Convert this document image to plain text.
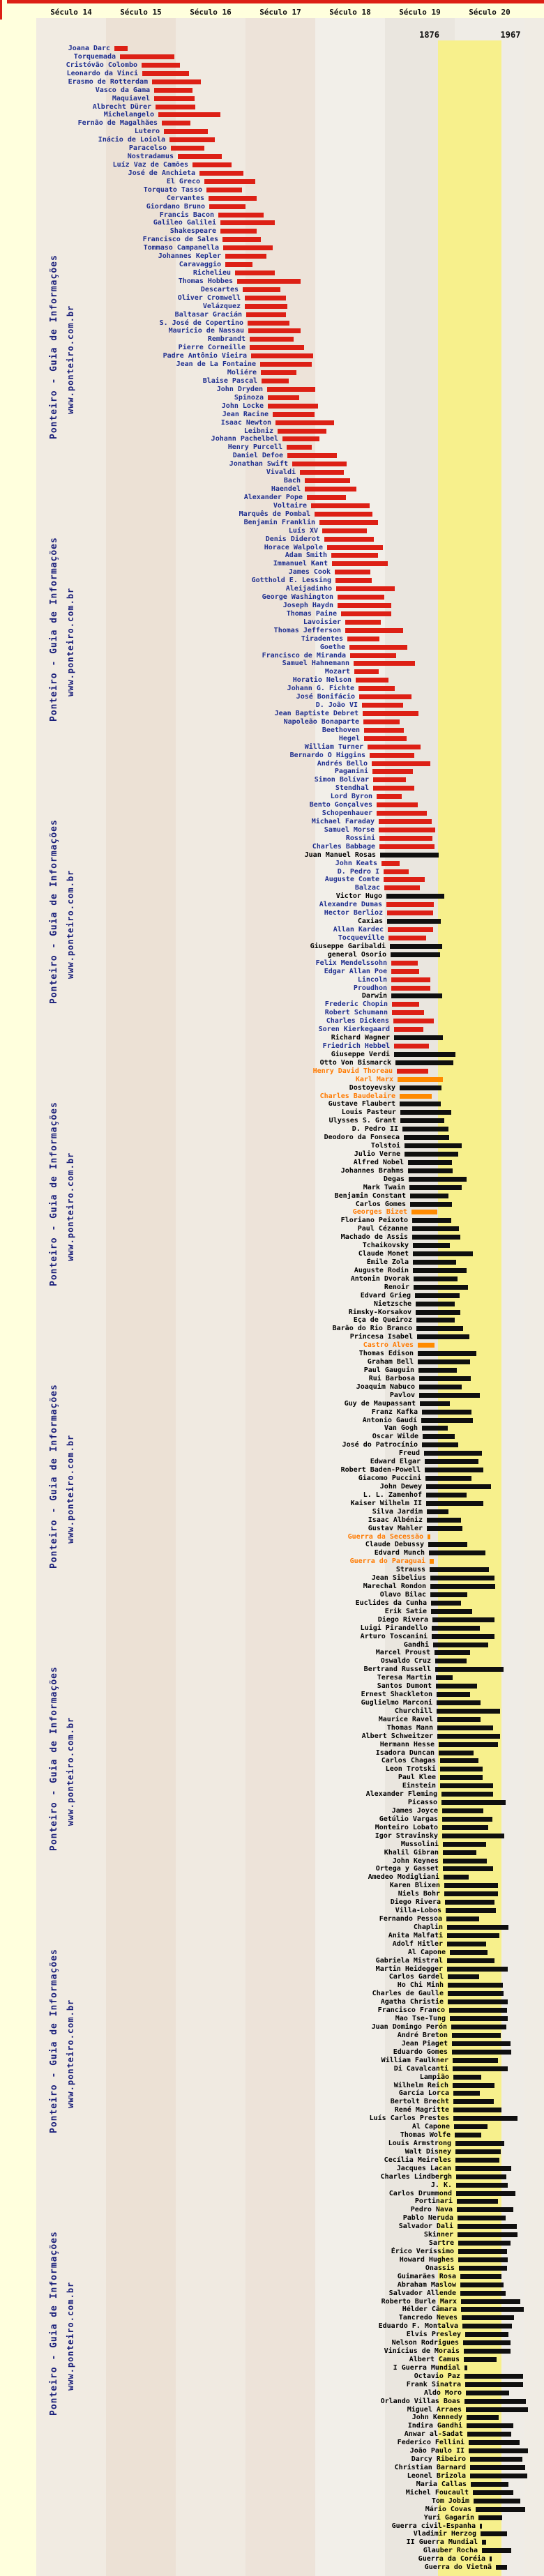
Século 14	Século 15	Século 16	Século 17	Século 18	Século 19	Século 20
1876	1967
Ponteiro - Guia de Informações www.ponteiro.com.br
Ponteiro - Guia de Informações www.ponteiro.com.br
Ponteiro - Guia de Informações www.ponteiro.com.br
Ponteiro - Guia de Informações www.ponteiro.com.br
Ponteiro - Guia de Informações www.ponteiro.com.br
Ponteiro - Guia de Informações www.ponteiro.com.br
Ponteiro - Guia de Informações www.ponteiro.com.br
Ponteiro - Guia de Informações www.ponteiro.com.br
Joana Darc
Torquemada
Cristóvão Colombo
Leonardo da Vinci
Erasmo de Rotterdam
Vasco da Gama
Maquiavel
Albrecht Dürer
Michelangelo
Fernão de Magalhães
Lutero
Inácio de Loiola
Paracelso
Nostradamus
Luíz Vaz de Camões
José de Anchieta
El Greco
Torquato Tasso
Cervantes
Giordano Bruno
Francis Bacon
Galileo Galilei
Shakespeare
Francisco de Sales
Tommaso Campanella
Johannes Kepler
Caravaggio
Richelieu
Thomas Hobbes
Descartes
Oliver Cromwell
Velázquez
Baltasar Gracián
S. José de Copertino
Mauricio de Nassau
Rembrandt
Pierre Corneille
Padre Antônio Vieira
Jean de La Fontaine
Moliére
Blaise Pascal
John Dryden
Spinoza
John Locke
Jean Racine
Isaac Newton
Leibniz
Johann Pachelbel
Henry Purcell
Daniel Defoe
Jonathan Swift
Vivaldi
Bach
Haendel
Alexander Pope
Voltaire
Marquês de Pombal
Benjamin Franklin
Luís XV
Denis Diderot
Horace Walpole
Adam Smith
Immanuel Kant
James Cook
Gotthold E. Lessing
Aleijadinho
George Washington
Joseph Haydn
Thomas Paine
Lavoisier
Thomas Jefferson
Tiradentes
Goethe
Francisco de Miranda
Samuel Hahnemann
Mozart
Horatio Nelson
Johann G. Fichte
José Bonifácio
D. João VI
Jean Baptiste Debret
Napoleão Bonaparte
Beethoven
Hegel
William Turner
Bernardo O Higgins
Andrés Bello
Paganini
Simon Bolívar
Stendhal
Lord Byron
Bento Gonçalves
Schopenhauer
Michael Faraday
Samuel Morse
Rossini
Charles Babbage
Juan Manuel Rosas
John Keats
D. Pedro I
Auguste Comte
Balzac
Victor Hugo
Alexandre Dumas
Hector Berlioz
Caxias
Allan Kardec
Tocqueville
Giuseppe Garibaldi
general Osorio
Felix Mendelssohn
Edgar Allan Poe
Lincoln
Proudhon
Darwin
Frederic Chopin
Robert Schumann
Charles Dickens
Soren Kierkegaard
Richard Wagner
Friedrich Hebbel
Giuseppe Verdi
Otto Von Bismarck
Henry David Thoreau
Karl Marx
Dostoyevsky
Charles Baudelaire
Gustave Flaubert
Louis Pasteur
Ulysses S. Grant
D. Pedro II
Deodoro da Fonseca
Tolstoi
Julio Verne
Alfred Nobel
Johannes Brahms
Degas
Mark Twain
Benjamin Constant
Carlos Gomes
Georges Bizet
Floriano Peixoto
Paul Cézanne
Machado de Assis
Tchaikovsky
Claude Monet
Émile Zola
Auguste Rodin
Antonin Dvorak
Renoir
Edvard Grieg
Nietzsche
Rimsky-Korsakov
Eça de Queiroz
Barão do Rio Branco
Princesa Isabel
Castro Alves
Thomas Edison
Graham Bell
Paul Gauguin
Rui Barbosa
Joaquim Nabuco
Pavlov
Guy de Maupassant
Franz Kafka
Antonio Gaudí
Van Gogh
Oscar Wilde
José do Patrocínio
Freud
Edward Elgar
Robert Baden-Powell
Giacomo Puccini
John Dewey
L. L. Zamenhof
Kaiser Wilhelm II
Silva Jardim
Isaac Albéniz
Gustav Mahler
Guerra da Secessão
Claude Debussy
Edvard Munch
Guerra do Paraguai
Strauss
Jean Sibelius
Marechal Rondon
Olavo Bilac
Euclides da Cunha
Erik Satie
Diego Rivera
Luigi Pirandello
Arturo Toscanini
Gandhi
Marcel Proust
Oswaldo Cruz
Bertrand Russell
Teresa Martin
Santos Dumont
Ernest Shackleton
Guglielmo Marconi
Churchill
Maurice Ravel
Thomas Mann
Albert Schweitzer
Hermann Hesse
Isadora Duncan
Carlos Chagas
Leon Trotski
Paul Klee
Einstein
Alexander Fleming
Picasso
James Joyce
Getúlio Vargas
Monteiro Lobato
Igor Stravinsky
Mussolini
Khalil Gibran
John Keynes
Ortega y Gasset
Amedeo Modigliani
Karen Blixen
Niels Bohr
Diego Rivera
Villa-Lobos
Fernando Pessoa
Chaplin
Anita Malfati
Adolf Hitler
Al Capone
Gabriela Mistral
Martin Heidegger
Carlos Gardel
Ho Chi Minh
Charles de Gaulle
Agatha Christie
Francisco Franco
Mao Tse-Tung
Juan Domingo Perón
André Breton
Jean Piaget
Eduardo Gomes
William Faulkner
Di Cavalcanti
Lampião
Wilhelm Reich
García Lorca
Bertolt Brecht
René Magritte
Luís Carlos Prestes
Al Capone
Thomas Wolfe
Louis Armstrong
Walt Disney
Cecília Meireles
Jacques Lacan
Charles Lindbergh
J. K.
Carlos Drummond
Portinari
Pedro Nava
Pablo Neruda
Salvador Dali
Skinner
Sartre
Érico Veríssimo
Howard Hughes
Onassis
Guimarães Rosa
Abraham Maslow
Salvador Allende
Roberto Burle Marx
Hélder Câmara
Tancredo Neves
Eduardo F. Montalva
Elvis Presley
Nelson Rodrigues
Vinícius de Morais
Albert Camus
I Guerra Mundial
Octavio Paz
Frank Sinatra
Aldo Moro
Orlando Villas Boas
Miguel Arraes
John Kennedy
Indira Gandhi
Anwar al-Sadat
Federico Fellini
João Paulo II
Darcy Ribeiro
Christian Barnard
Leonel Brizola
Maria Callas
Michel Foucault
Tom Jobim
Mário Covas
Yuri Gagarin
Guerra civil-Espanha
Vladimir Herzog
II Guerra Mundial
Glauber Rocha
Guerra da Coréia
Guerra do Vietnã
